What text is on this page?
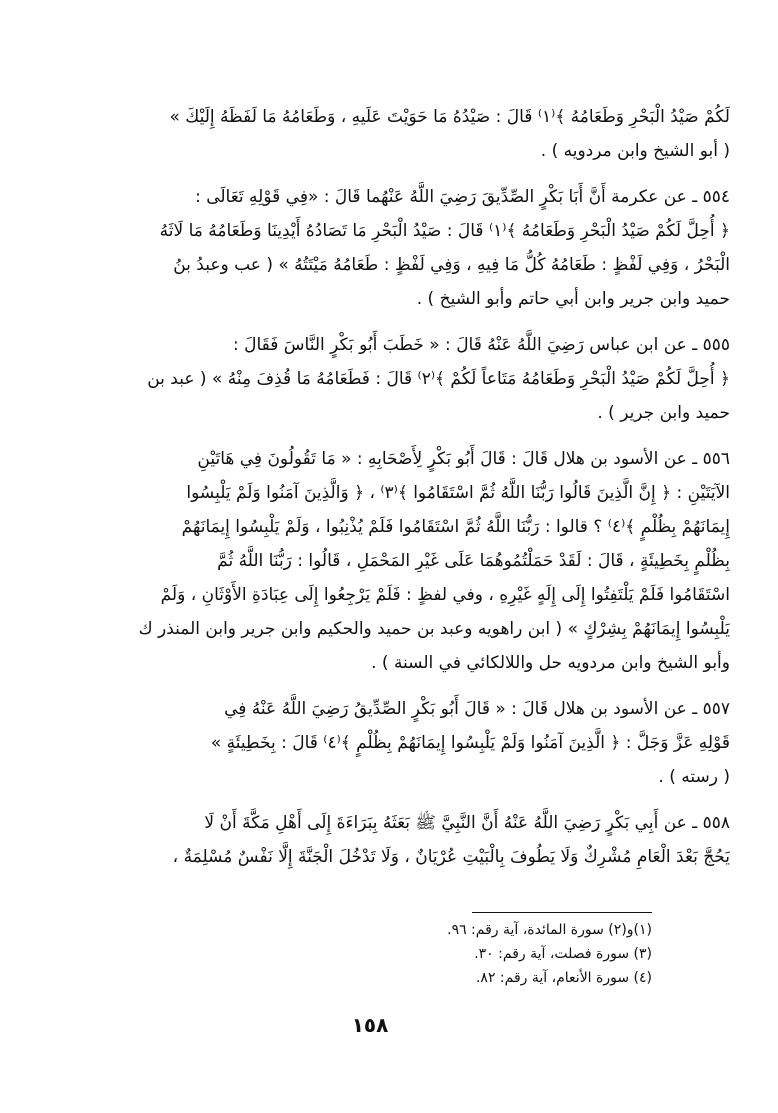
لَكُمْ صَيْدُ الْبَحْرِ وَطَعَامُهُ ﴾⁽١⁾ قَالَ : صَيْدُهُ مَا حَوَيْتَ عَلَيهِ ، وَطَعَامُهُ مَا لَفَظَهُ إِلَيْكَ »
( أبو الشيخ وابن مردويه ) .
٥٥٤ ـ عن عكرمة أَنَّ أَبَا بَكْرٍ الصِّدِّيقَ رَضِيَ اللَّهُ عَنْهُما قَالَ : «فِي قَوْلِهِ تَعَالَى :
﴿ أُحِلَّ لَكُمْ صَيْدُ الْبَحْرِ وَطَعَامُهُ ﴾⁽١⁾ قَالَ : صَيْدُ الْبَحْرِ مَا تَصَادُهُ أَيْدِينَا وَطَعَامُهُ مَا لَاثَهُ
الْبَحْرُ ، وَفِي لَفْظٍ : طَعَامُهُ كُلُّ مَا فِيهِ ، وَفِي لَفْظٍ : طَعَامُهُ مَيْتَتُهُ » ( عب وعبدُ بنُ
حميد وابن جرير وابن أبي حاتم وأبو الشيخ ) .
٥٥٥ ـ عن ابن عباس رَضِيَ اللَّهُ عَنْهُ قَالَ : « خَطَبَ أَبُو بَكْرٍ النَّاسَ فَقَالَ :
﴿ أُحِلَّ لَكُمْ صَيْدُ الْبَحْرِ وَطَعَامُهُ مَتَاعاً لَكُمْ ﴾⁽٢⁾ قَالَ : فَطَعَامُهُ مَا قُذِفَ مِنْهُ » ( عبد بن
حميد وابن جرير ) .
٥٥٦ ـ عن الأسود بن هلال قَالَ : قَالَ أَبُو بَكْرٍ لِأَصْحَابِهِ : « مَا تَقُولُونَ فِي هَاتَيْنِ
الآيَتَيْنِ : ﴿ إِنَّ الَّذِينَ قَالُوا رَبُّنَا اللَّهُ ثُمَّ اسْتَقَامُوا ﴾⁽٣⁾ ، ﴿ وَالَّذِينَ آمَنُوا وَلَمْ يَلْبِسُوا
إِيمَانَهُمْ بِظُلْمٍ ﴾⁽٤⁾ ؟ قالوا : رَبُّنَا اللَّهُ ثُمَّ اسْتَقَامُوا فَلَمْ يُذْنِبُوا ، وَلَمْ يَلْبِسُوا إِيمَانَهُمْ
بِظُلْمٍ بِخَطِيئَةٍ ، قَالَ : لَقَدْ حَمَلْتُمُوهُمَا عَلَى غَيْرِ المَحْمَلِ ، قَالُوا : رَبُّنَا اللَّهُ ثُمَّ
اسْتَقَامُوا فَلَمْ يَلْتَفِتُوا إِلَى إِلَهٍ غَيْرِهِ ، وفي لفظٍ : فَلَمْ يَرْجِعُوا إِلَى عِبَادَةِ الأَوْثَانِ ، وَلَمْ
يَلْبِسُوا إِيمَانَهُمْ بِشِرْكٍ » ( ابن راهويه وعبد بن حميد والحكيم وابن جرير وابن المنذر ك
وأبو الشيخ وابن مردويه حل واللالكائي في السنة ) .
٥٥٧ ـ عن الأسود بن هلال قَالَ : « قَالَ أَبُو بَكْرٍ الصِّدِّيقُ رَضِيَ اللَّهُ عَنْهُ فِي
قَوْلِهِ عَزَّ وَجَلَّ : ﴿ الَّذِينَ آمَنُوا وَلَمْ يَلْبِسُوا إِيمَانَهُمْ بِظُلْمٍ ﴾⁽٤⁾ قَالَ : بِخَطِيئَةٍ »
( رسته ) .
٥٥٨ ـ عن أَبِي بَكْرٍ رَضِيَ اللَّهُ عَنْهُ أَنَّ النَّبِيَّ ﷺ بَعَثَهُ بِبَرَاءَةَ إِلَى أَهْلِ مَكَّةَ أَنْ لَا
يَحُجَّ بَعْدَ الْعَامِ مُشْرِكٌ وَلَا يَطُوفَ بِالْبَيْتِ عُرْيَانٌ ، وَلَا تَدْخُلَ الْجَنَّةَ إِلَّا نَفْسٌ مُسْلِمَةٌ ،
(١)و(٢) سورة المائدة، آية رقم: ٩٦.
(٣) سورة فصلت، آية رقم: ٣٠.
(٤) سورة الأنعام، آية رقم: ٨٢.
١٥٨
